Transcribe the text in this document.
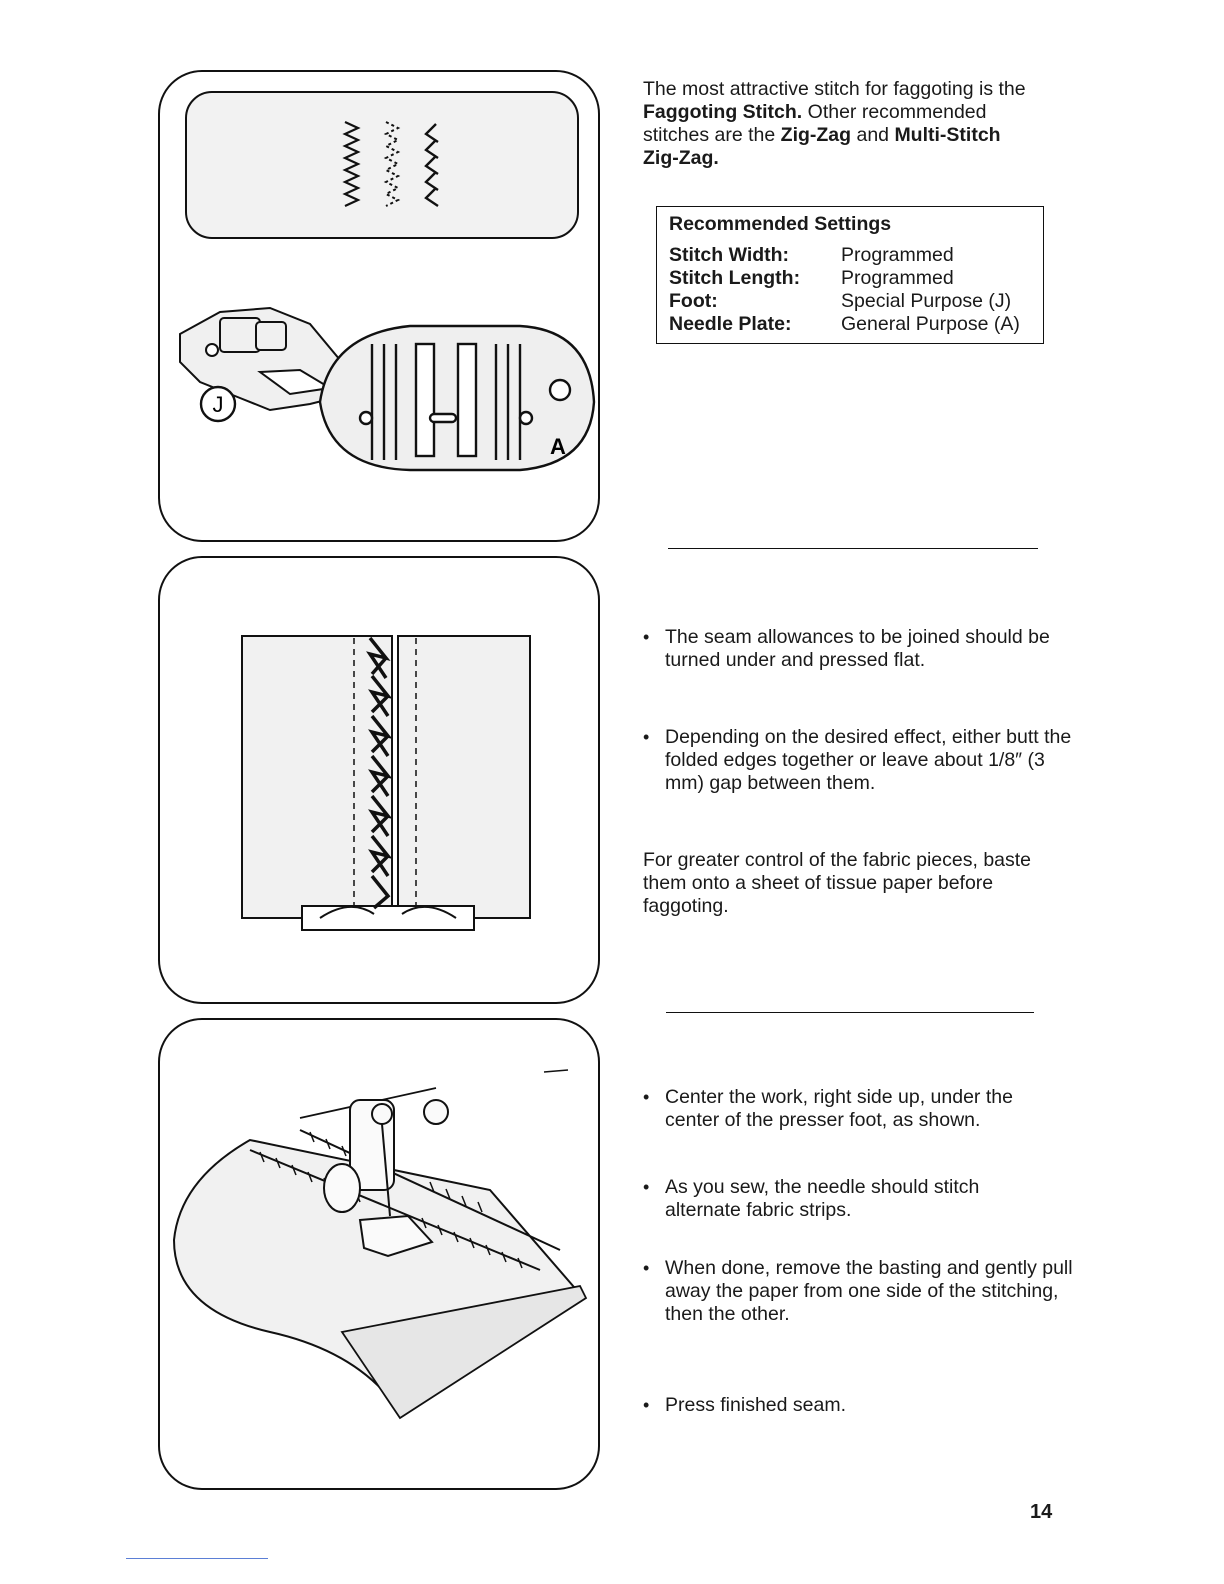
J
A
The most attractive stitch for faggoting is the
Faggoting Stitch. Other recommended
stitches are the Zig-Zag and Multi-Stitch
Zig-Zag.
Recommended Settings
Stitch Width:	Programmed
Stitch Length: Programmed
Foot:	Special Purpose (J)
Needle Plate:	General Purpose (A)
• The seam allowances to be joined should be turned under and pressed flat.
• Depending on the desired effect, either butt the folded edges together or leave about 1/8″ (3 mm) gap between them.
For greater control of the fabric pieces, baste them onto a sheet of tissue paper before faggoting.
• Center the work, right side up, under the center of the presser foot, as shown.
• As you sew, the needle should stitch alternate fabric strips.
• When done, remove the basting and gently pull away the paper from one side of the stitching, then the other.
• Press finished seam.
14
